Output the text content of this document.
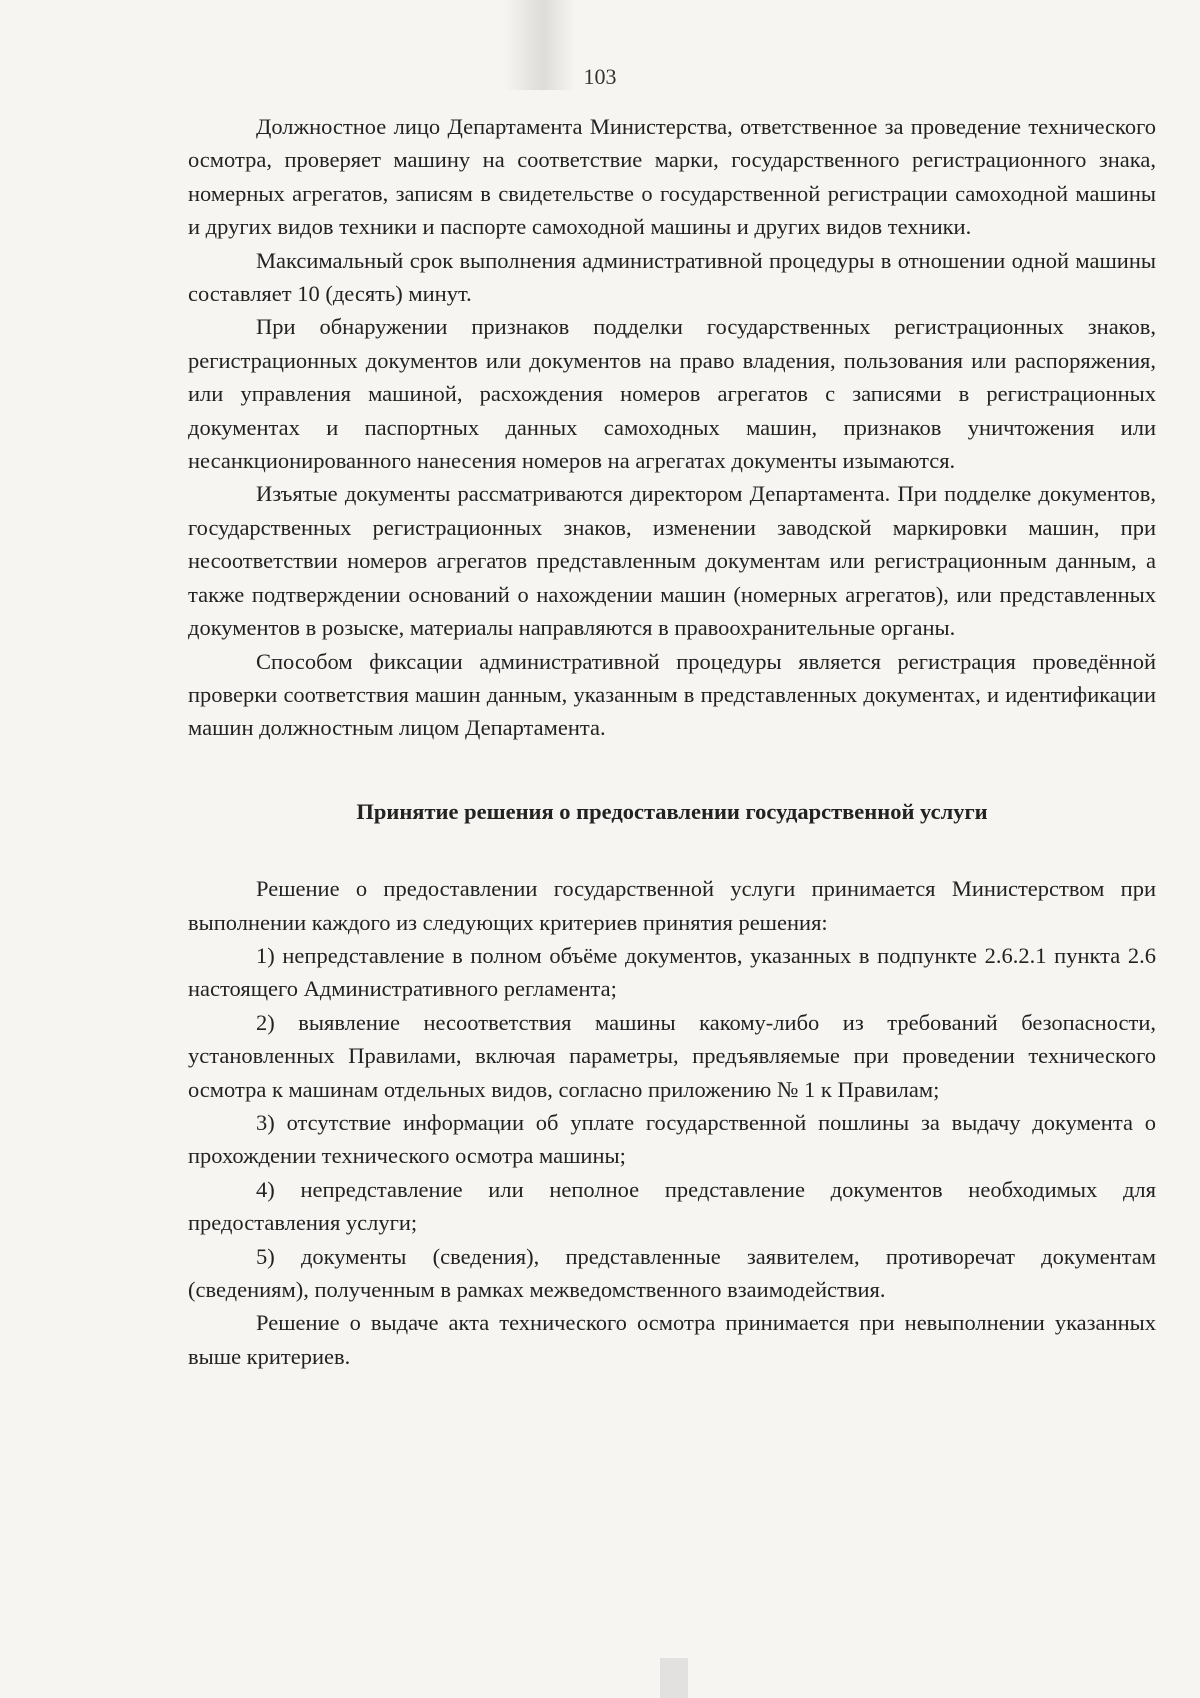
103

Должностное лицо Департамента Министерства, ответственное за проведение технического осмотра, проверяет машину на соответствие марки, государственного регистрационного знака, номерных агрегатов, записям в свидетельстве о государственной регистрации самоходной машины и других видов техники и паспорте самоходной машины и других видов техники.

Максимальный срок выполнения административной процедуры в отношении одной машины составляет 10 (десять) минут.

При обнаружении признаков подделки государственных регистрационных знаков, регистрационных документов или документов на право владения, пользования или распоряжения, или управления машиной, расхождения номеров агрегатов с записями в регистрационных документах и паспортных данных самоходных машин, признаков уничтожения или несанкционированного нанесения номеров на агрегатах документы изымаются.

Изъятые документы рассматриваются директором Департамента. При подделке документов, государственных регистрационных знаков, изменении заводской маркировки машин, при несоответствии номеров агрегатов представленным документам или регистрационным данным, а также подтверждении оснований о нахождении машин (номерных агрегатов), или представленных документов в розыске, материалы направляются в правоохранительные органы.

Способом фиксации административной процедуры является регистрация проведённой проверки соответствия машин данным, указанным в представленных документах, и идентификации машин должностным лицом Департамента.

Принятие решения о предоставлении государственной услуги

Решение о предоставлении государственной услуги принимается Министерством при выполнении каждого из следующих критериев принятия решения:

1) непредставление в полном объёме документов, указанных в подпункте 2.6.2.1 пункта 2.6 настоящего Административного регламента;

2) выявление несоответствия машины какому-либо из требований безопасности, установленных Правилами, включая параметры, предъявляемые при проведении технического осмотра к машинам отдельных видов, согласно приложению № 1 к Правилам;

3) отсутствие информации об уплате государственной пошлины за выдачу документа о прохождении технического осмотра машины;

4) непредставление или неполное представление документов необходимых для предоставления услуги;

5) документы (сведения), представленные заявителем, противоречат документам (сведениям), полученным в рамках межведомственного взаимодействия.

Решение о выдаче акта технического осмотра принимается при невыполнении указанных выше критериев.
